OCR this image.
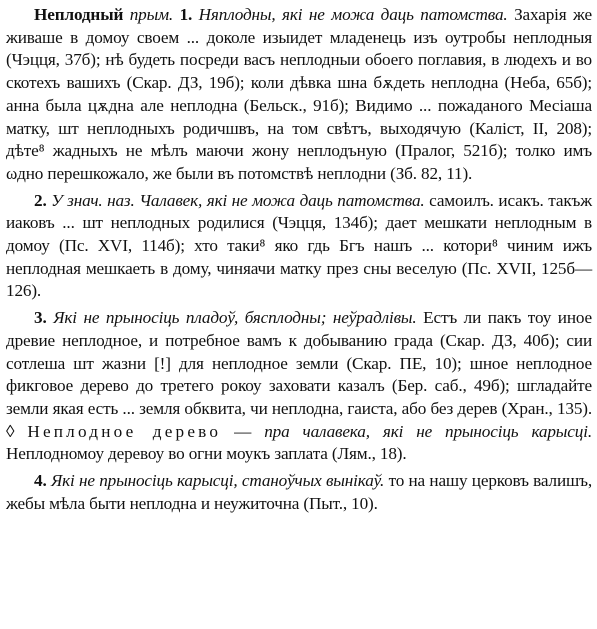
Неплодный прым. 1. Няплодны, які не можа даць патомства. Захарія же живаше в домоу своем ... доколе изыидет младенець изъ оутробы неплодныя (Чэцця, 37б); нѣ будеть посреди васъ неплодныи обоего поглавия, в людехъ и во скотехъ вашихъ (Скар. ДЗ, 19б); коли дѣвка шна бѫдеть неплодна (Неба, 65б); анна была цѫдна але неплодна (Бельск., 91б); Видимо ... пожаданого Месіаша матку, шт неплодныхъ родичшвъ, на том свѣтъ, выходячую (Каліст, II, 208); дѣте⁸ жадныхъ не мѣлъ маючи жону неплодъную (Пралог, 521б); толко имъ ωдно перешкожало, же были въ потомствѣ неплодни (Зб. 82, 11).

2. У знач. наз. Чалавек, які не можа даць патомства. самоилъ. исакъ. такъж иаковъ ... шт неплодных родилися (Чэцця, 134б); дает мешкати неплодным в домоу (Пс. XVI, 114б); хто таки⁸ яко гдь Бгъ нашъ ... котори⁸ чиним ижъ неплодная мешкаеть в дому, чиняачи матку през сны веселую (Пс. XVII, 125б—126).

3. Які не прыносіць пладоў, бясплодны; неўрадлівы. Естъ ли пакъ тоу иное древие неплодное, и потребное вамъ к добыванию града (Скар. ДЗ, 40б); сии сотлеша шт жазни [!] для неплодное земли (Скар. ПЕ, 10); шное неплодное фикговое дерево до третего рокоу заховати казалъ (Бер. саб., 49б); шгладайте земли якая есть ... земля обквита, чи неплодна, гаиста, або без дерев (Хран., 135). ◊ Неплодное дерево — пра чалавека, які не прыносіць карысці. Неплодномоу деревоу во огни моукъ заплата (Лям., 18).

4. Які не прыносіць карысці, станоўчых вынікаў. то на нашу церковъ валишъ, жебы мѣла быти неплодна и неужиточна (Пыт., 10).
